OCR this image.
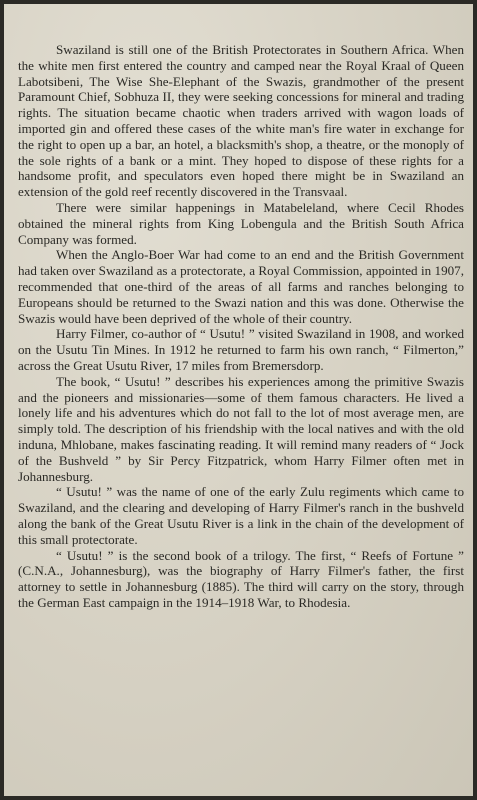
Swaziland is still one of the British Protectorates in Southern Africa. When the white men first entered the country and camped near the Royal Kraal of Queen Labotsibeni, The Wise She-Elephant of the Swazis, grandmother of the present Paramount Chief, Sobhuza II, they were seeking concessions for mineral and trading rights. The situation became chaotic when traders arrived with wagon loads of imported gin and offered these cases of the white man's fire water in exchange for the right to open up a bar, an hotel, a blacksmith's shop, a theatre, or the monoply of the sole rights of a bank or a mint. They hoped to dispose of these rights for a handsome profit, and speculators even hoped there might be in Swaziland an extension of the gold reef recently discovered in the Transvaal.

There were similar happenings in Matabeleland, where Cecil Rhodes obtained the mineral rights from King Lobengula and the British South Africa Company was formed.

When the Anglo-Boer War had come to an end and the British Government had taken over Swaziland as a protectorate, a Royal Commission, appointed in 1907, recommended that one-third of the areas of all farms and ranches belonging to Europeans should be returned to the Swazi nation and this was done. Otherwise the Swazis would have been deprived of the whole of their country.

Harry Filmer, co-author of “ Usutu! ” visited Swaziland in 1908, and worked on the Usutu Tin Mines. In 1912 he returned to farm his own ranch, “ Filmerton,” across the Great Usutu River, 17 miles from Bremersdorp.

The book, “ Usutu! ” describes his experiences among the primitive Swazis and the pioneers and missionaries—some of them famous characters. He lived a lonely life and his adventures which do not fall to the lot of most average men, are simply told. The description of his friendship with the local natives and with the old induna, Mhlobane, makes fascinating reading. It will remind many readers of “ Jock of the Bushveld ” by Sir Percy Fitzpatrick, whom Harry Filmer often met in Johannesburg.

“ Usutu! ” was the name of one of the early Zulu regiments which came to Swaziland, and the clearing and developing of Harry Filmer's ranch in the bushveld along the bank of the Great Usutu River is a link in the chain of the development of this small protectorate.

“ Usutu! ” is the second book of a trilogy. The first, “ Reefs of Fortune ” (C.N.A., Johannesburg), was the biography of Harry Filmer's father, the first attorney to settle in Johannesburg (1885). The third will carry on the story, through the German East campaign in the 1914–1918 War, to Rhodesia.
